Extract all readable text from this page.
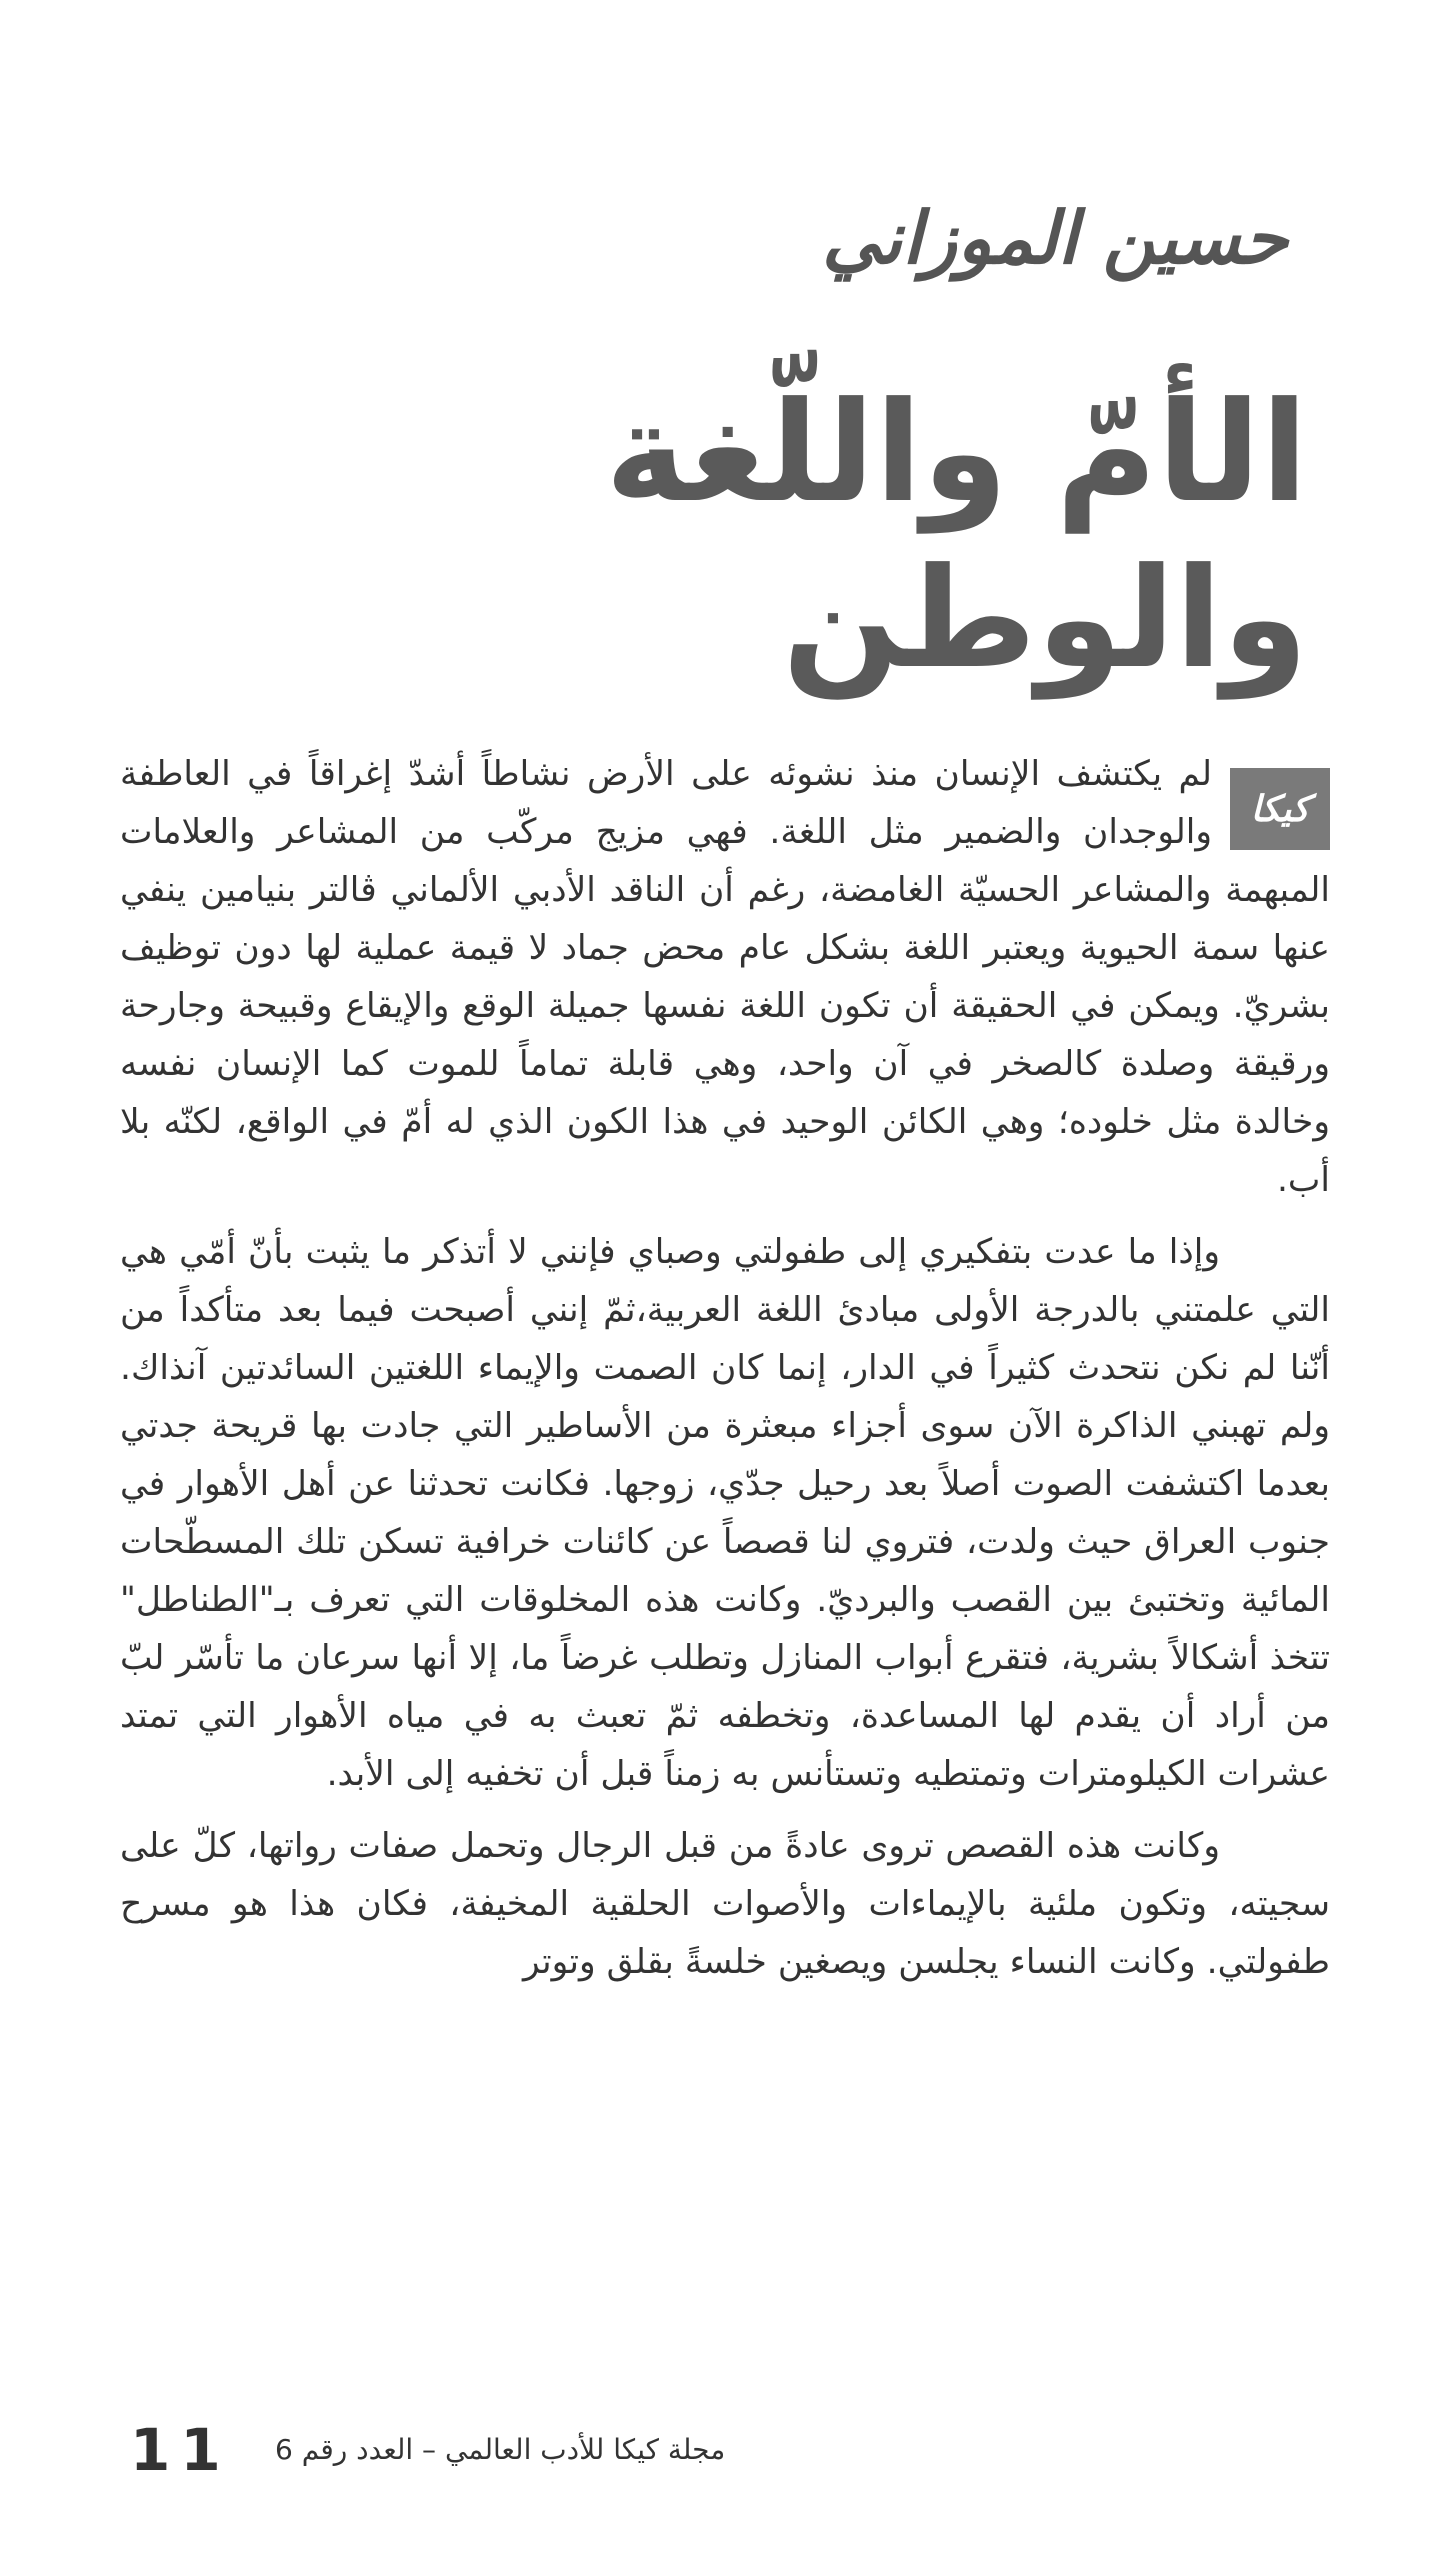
حسين الموزاني
الأمّ واللّغة والوطن
كيكا

لم يكتشف الإنسان منذ نشوئه على الأرض نشاطاً أشدّ إغراقاً في العاطفة والوجدان والضمير مثل اللغة. فهي مزيج مركّب من المشاعر والعلامات المبهمة والمشاعر الحسيّة الغامضة، رغم أن الناقد الأدبي الألماني ڤالتر بنيامين ينفي عنها سمة الحيوية ويعتبر اللغة بشكل عام محض جماد لا قيمة عملية لها دون توظيف بشريّ. ويمكن في الحقيقة أن تكون اللغة نفسها جميلة الوقع والإيقاع وقبيحة وجارحة ورقيقة وصلدة كالصخر في آن واحد، وهي قابلة تماماً للموت كما الإنسان نفسه وخالدة مثل خلوده؛ وهي الكائن الوحيد في هذا الكون الذي له أمّ في الواقع، لكنّه بلا أب.

وإذا ما عدت بتفكيري إلى طفولتي وصباي فإنني لا أتذكر ما يثبت بأنّ أمّي هي التي علمتني بالدرجة الأولى مبادئ اللغة العربية،ثمّ إنني أصبحت فيما بعد متأكداً من أنّنا لم نكن نتحدث كثيراً في الدار، إنما كان الصمت والإيماء اللغتين السائدتين آنذاك. ولم تهبني الذاكرة الآن سوى أجزاء مبعثرة من الأساطير التي جادت بها قريحة جدتي بعدما اكتشفت الصوت أصلاً بعد رحيل جدّي، زوجها. فكانت تحدثنا عن أهل الأهوار في جنوب العراق حيث ولدت، فتروي لنا قصصاً عن كائنات خرافية تسكن تلك المسطّحات المائية وتختبئ بين القصب والبرديّ. وكانت هذه المخلوقات التي تعرف بـ"الطناطل" تتخذ أشكالاً بشرية، فتقرع أبواب المنازل وتطلب غرضاً ما، إلا أنها سرعان ما تأسّر لبّ من أراد أن يقدم لها المساعدة، وتخطفه ثمّ تعبث به في مياه الأهوار التي تمتد عشرات الكيلومترات وتمتطيه وتستأنس به زمناً قبل أن تخفيه إلى الأبد.

وكانت هذه القصص تروى عادةً من قبل الرجال وتحمل صفات رواتها، كلّ على سجيته، وتكون ملئية بالإيماءات والأصوات الحلقية المخيفة، فكان هذا هو مسرح طفولتي. وكانت النساء يجلسن ويصغين خلسةً بقلق وتوتر

11 مجلة كيكا للأدب العالمي – العدد رقم 6
